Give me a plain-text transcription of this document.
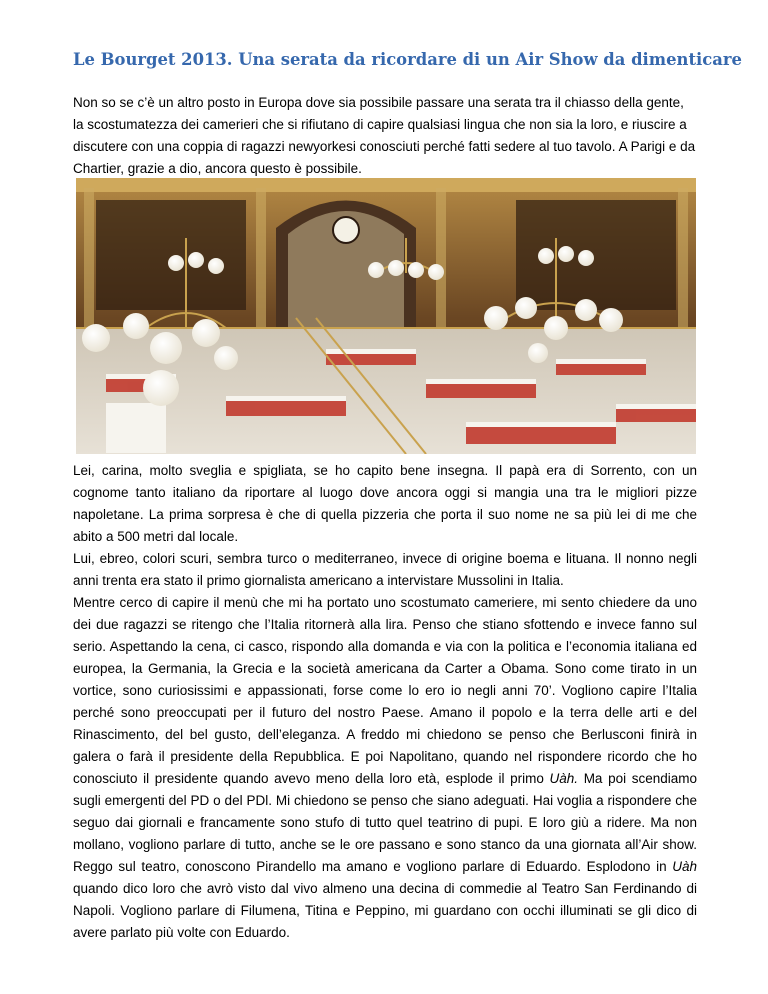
Le Bourget 2013. Una serata da ricordare di un Air Show da dimenticare

Non so se c’è un altro posto in Europa dove sia possibile passare una serata tra il chiasso della gente, la scostumatezza dei camerieri che si rifiutano di capire qualsiasi lingua che non sia la loro, e riuscire a discutere con una coppia di ragazzi newyorkesi conosciuti perché fatti sedere al tuo tavolo. A Parigi e da Chartier, grazie a dio, ancora questo è possibile.

Lei, carina, molto sveglia e spigliata, se ho capito bene insegna. Il papà era di Sorrento, con un cognome tanto italiano da riportare al luogo dove ancora oggi si mangia una tra le migliori pizze napoletane. La prima sorpresa è che di quella pizzeria che porta il suo nome ne sa più lei di me che abito a 500 metri dal locale.

Lui, ebreo, colori scuri, sembra turco o mediterraneo, invece di origine boema e lituana. Il nonno negli anni trenta era stato il primo giornalista americano a intervistare Mussolini in Italia.

Mentre cerco di capire il menù che mi ha portato uno scostumato cameriere, mi sento chiedere da uno dei due ragazzi se ritengo che l’Italia ritornerà alla lira. Penso che stiano sfottendo e invece fanno sul serio. Aspettando la cena, ci casco, rispondo alla domanda e via con la politica e l’economia italiana ed europea, la Germania, la Grecia e la società americana da Carter a Obama. Sono come tirato in un vortice, sono curiosissimi e appassionati, forse come lo ero io negli anni 70’. Vogliono capire l’Italia perché sono preoccupati per il futuro del nostro Paese. Amano il popolo e la terra delle arti e del Rinascimento, del bel gusto, dell’eleganza. A freddo mi chiedono se penso che Berlusconi finirà in galera o farà il presidente della Repubblica. E poi Napolitano, quando nel rispondere ricordo che ho conosciuto il presidente quando avevo meno della loro età, esplode il primo Uàh. Ma poi scendiamo sugli emergenti del PD o del PDl. Mi chiedono se penso che siano adeguati. Hai voglia a rispondere che seguo dai giornali e francamente sono stufo di tutto quel teatrino di pupi. E loro giù a ridere. Ma non mollano, vogliono parlare di tutto, anche se le ore passano e sono stanco da una giornata all’Air show. Reggo sul teatro, conoscono Pirandello ma amano e vogliono parlare di Eduardo. Esplodono in Uàh quando dico loro che avrò visto dal vivo almeno una decina di commedie al Teatro San Ferdinando di Napoli. Vogliono parlare di Filumena, Titina e Peppino, mi guardano con occhi illuminati se gli dico di avere parlato più volte con Eduardo.
